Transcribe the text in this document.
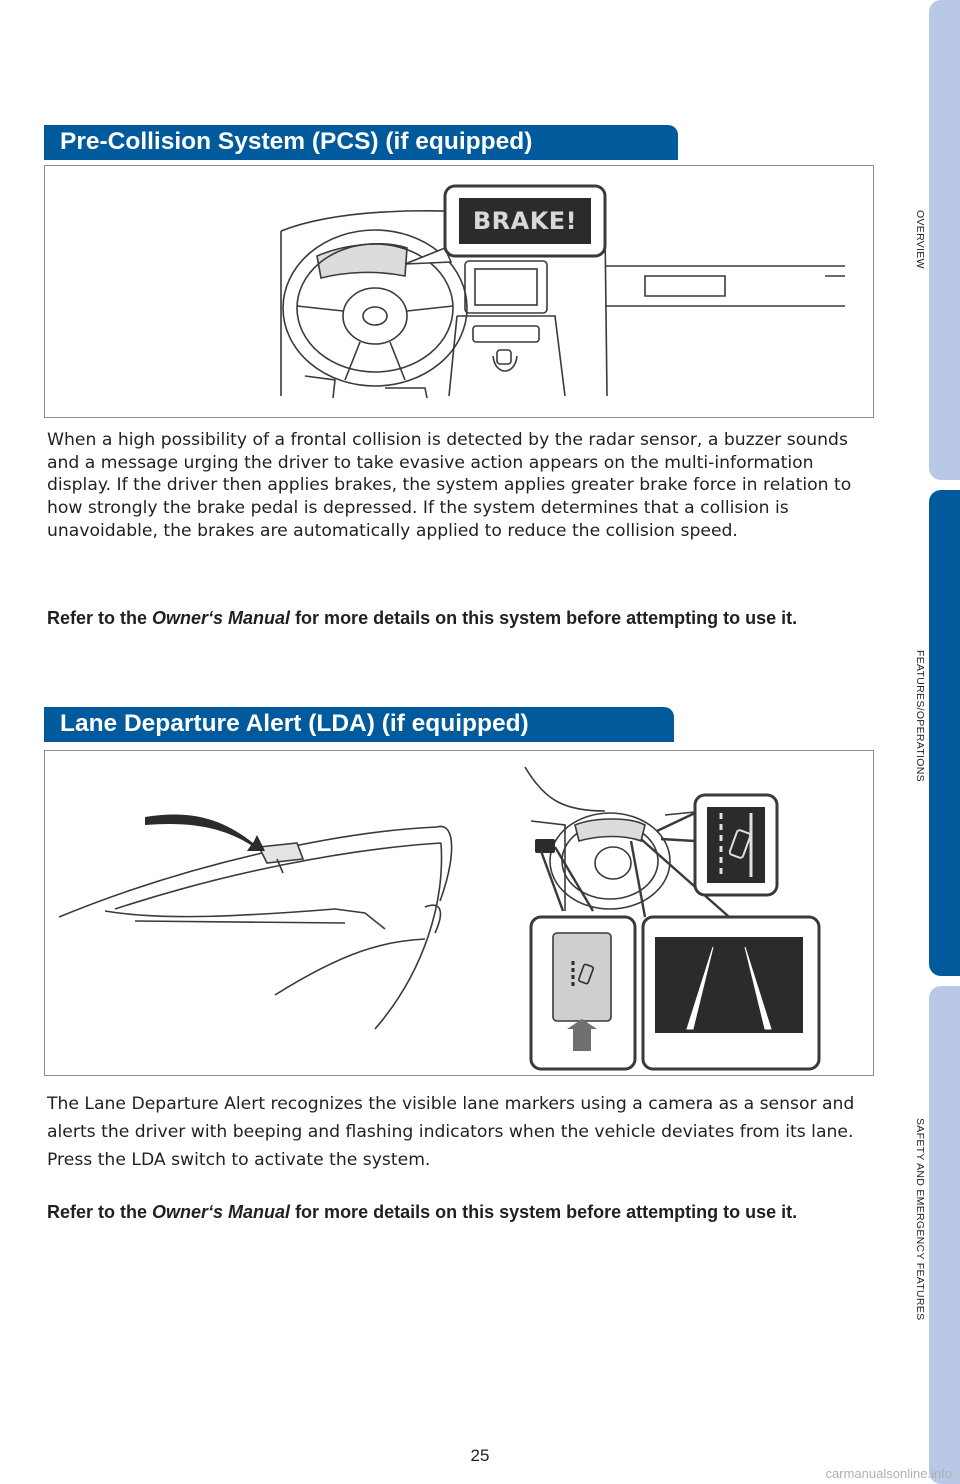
Pre-Collision System (PCS) (if equipped)
BRAKE!

When a high possibility of a frontal collision is detected by the radar sensor, a buzzer sounds and a message urging the driver to take evasive action appears on the multi-information display. If the driver then applies brakes, the system applies greater brake force in relation to how strongly the brake pedal is depressed. If the system determines that a collision is unavoidable, the brakes are automatically applied to reduce the collision speed.

Refer to the Owner‘s Manual for more details on this system before attempting to use it.

Lane Departure Alert (LDA) (if equipped)

The Lane Departure Alert recognizes the visible lane markers using a camera as a sensor and alerts the driver with beeping and flashing indicators when the vehicle deviates from its lane. Press the LDA switch to activate the system.

Refer to the Owner‘s Manual for more details on this system before attempting to use it.

OVERVIEW
FEATURES/OPERATIONS
SAFETY AND EMERGENCY FEATURES
25
carmanualsonline.info
